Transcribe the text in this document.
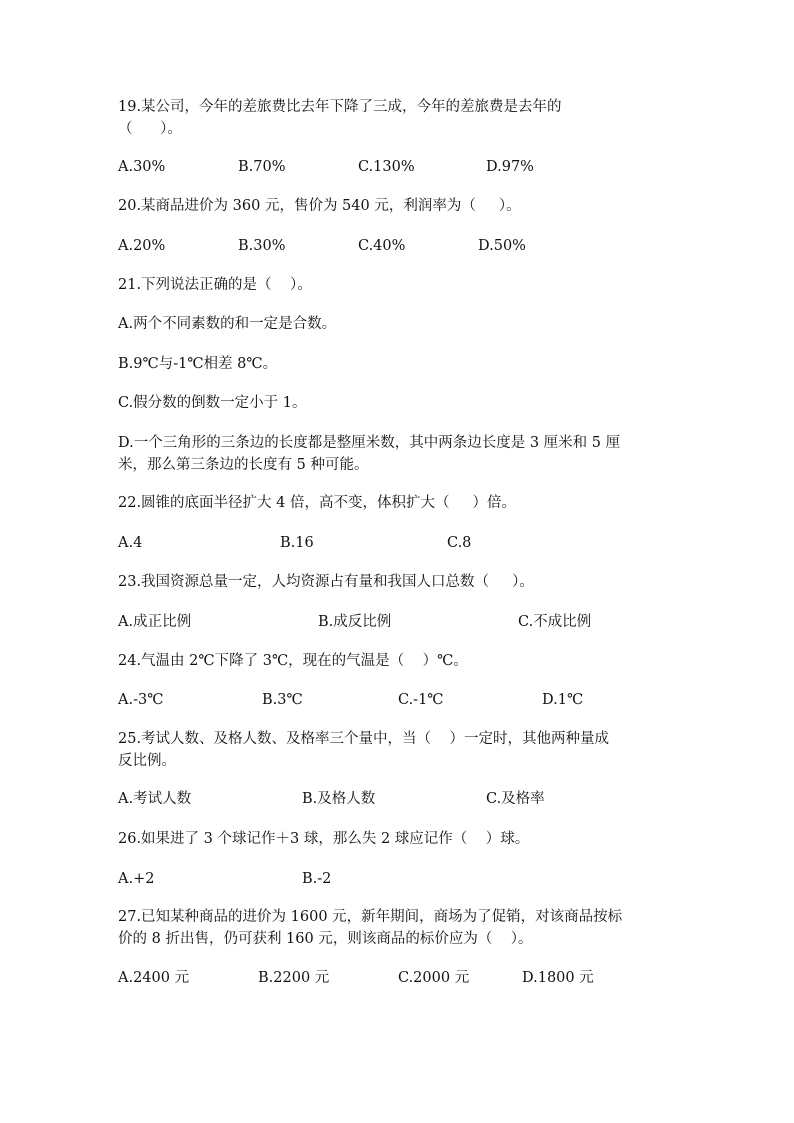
19.某公司，今年的差旅费比去年下降了三成，今年的差旅费是去年的
（      ）。
A.30%	B.70%	C.130%	D.97%
20.某商品进价为 360 元，售价为 540 元，利润率为（     ）。
A.20%	B.30%	C.40%	D.50%
21.下列说法正确的是（    ）。
A.两个不同素数的和一定是合数。
B.9℃与-1℃相差 8℃。
C.假分数的倒数一定小于 1。
D.一个三角形的三条边的长度都是整厘米数，其中两条边长度是 3 厘米和 5 厘
米，那么第三条边的长度有 5 种可能。
22.圆锥的底面半径扩大 4 倍，高不变，体积扩大（     ）倍。
A.4	B.16	C.8
23.我国资源总量一定，人均资源占有量和我国人口总数（     ）。
A.成正比例	B.成反比例	C.不成比例
24.气温由 2℃下降了 3℃，现在的气温是（    ）℃。
A.-3℃	B.3℃	C.-1℃	D.1℃
25.考试人数、及格人数、及格率三个量中，当（    ）一定时，其他两种量成
反比例。
A.考试人数	B.及格人数	C.及格率
26.如果进了 3 个球记作＋3 球，那么失 2 球应记作（    ）球。
A.+2	B.-2
27.已知某种商品的进价为 1600 元，新年期间，商场为了促销，对该商品按标
价的 8 折出售，仍可获利 160 元，则该商品的标价应为（    ）。
A.2400 元	B.2200 元	C.2000 元	D.1800 元
